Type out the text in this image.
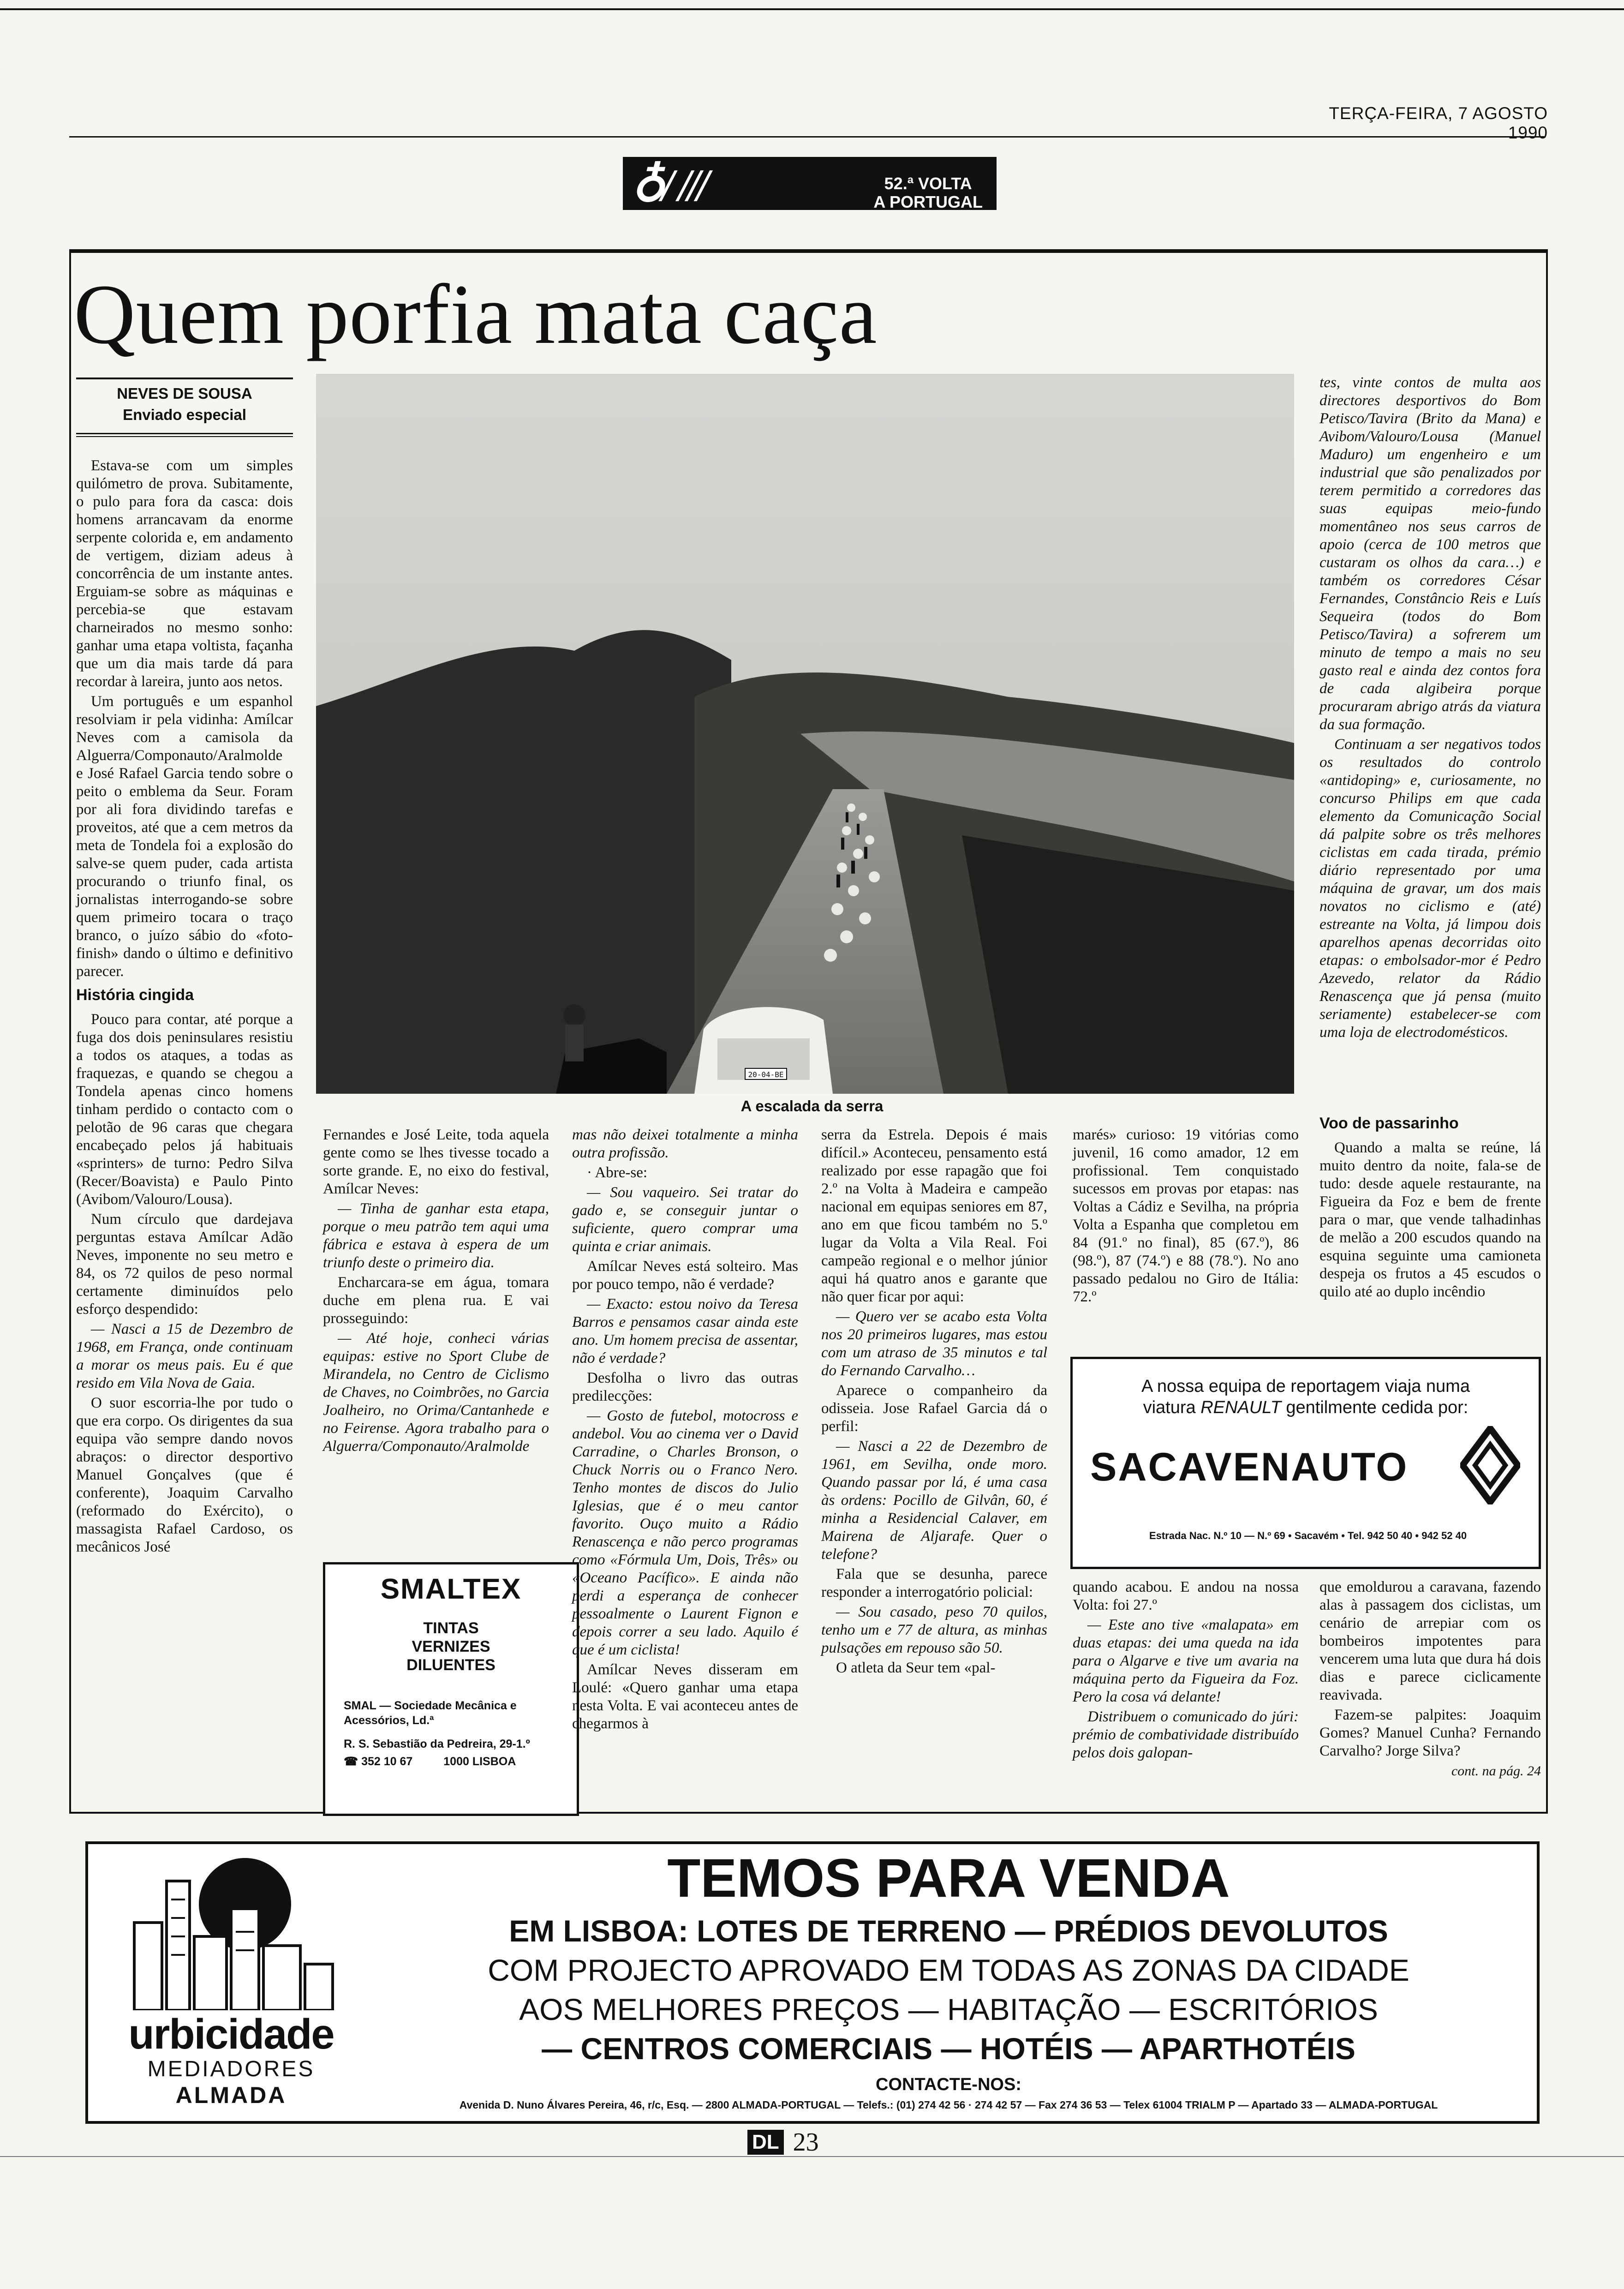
TERÇA-FEIRA, 7 AGOSTO 1990
♁/ ///	52.ª VOLTA
A PORTUGAL
Quem porfia mata caça
NEVES DE SOUSA
Enviado especial

Estava-se com um simples quilómetro de prova. Subitamente, o pulo para fora da casca: dois homens arrancavam da enorme serpente colorida e, em andamento de vertigem, diziam adeus à concorrência de um instante antes. Erguiam-se sobre as máquinas e percebia-se que estavam charneirados no mesmo sonho: ganhar uma etapa voltista, façanha que um dia mais tarde dá para recordar à lareira, junto aos netos.

Um português e um espanhol resolviam ir pela vidinha: Amílcar Neves com a camisola da Alguerra/Componauto/Aralmolde e José Rafael Garcia tendo sobre o peito o emblema da Seur. Foram por ali fora dividindo tarefas e proveitos, até que a cem metros da meta de Tondela foi a explosão do salve-se quem puder, cada artista procurando o triunfo final, os jornalistas interrogando-se sobre quem primeiro tocara o traço branco, o juízo sábio do «foto-finish» dando o último e definitivo parecer.

História cingida

Pouco para contar, até porque a fuga dos dois peninsulares resistiu a todos os ataques, a todas as fraquezas, e quando se chegou a Tondela apenas cinco homens tinham perdido o contacto com o pelotão de 96 caras que chegara encabeçado pelos já habituais «sprinters» de turno: Pedro Silva (Recer/Boavista) e Paulo Pinto (Avibom/Valouro/Lousa).

Num círculo que dardejava perguntas estava Amílcar Adão Neves, imponente no seu metro e 84, os 72 quilos de peso normal certamente diminuídos pelo esforço despendido:

— Nasci a 15 de Dezembro de 1968, em França, onde continuam a morar os meus pais. Eu é que resido em Vila Nova de Gaia.

O suor escorria-lhe por tudo o que era corpo. Os dirigentes da sua equipa vão sempre dando novos abraços: o director desportivo Manuel Gonçalves (que é conferente), Joaquim Carvalho (reformado do Exército), o massagista Rafael Cardoso, os mecânicos José

20-04-BE
A escalada da serra

Fernandes e José Leite, toda aquela gente como se lhes tivesse tocado a sorte grande. E, no eixo do festival, Amílcar Neves:

— Tinha de ganhar esta etapa, porque o meu patrão tem aqui uma fábrica e estava à espera de um triunfo deste o primeiro dia.

Encharcara-se em água, tomara duche em plena rua. E vai prosseguindo:

— Até hoje, conheci várias equipas: estive no Sport Clube de Mirandela, no Centro de Ciclismo de Chaves, no Coimbrões, no Garcia Joalheiro, no Orima/Cantanhede e no Feirense. Agora trabalho para o Alguerra/Componauto/Aralmolde

SMALTEX
TINTAS
VERNIZES
DILUENTES
SMAL — Sociedade Mecânica e Acessórios, Ld.ª
R. S. Sebastião da Pedreira, 29-1.º
☎ 352 10 67	1000 LISBOA

mas não deixei totalmente a minha outra profissão.

· Abre-se:

— Sou vaqueiro. Sei tratar do gado e, se conseguir juntar o suficiente, quero comprar uma quinta e criar animais.

Amílcar Neves está solteiro. Mas por pouco tempo, não é verdade?

— Exacto: estou noivo da Teresa Barros e pensamos casar ainda este ano. Um homem precisa de assentar, não é verdade?

Desfolha o livro das outras predilecções:

— Gosto de futebol, motocross e andebol. Vou ao cinema ver o David Carradine, o Charles Bronson, o Chuck Norris ou o Franco Nero. Tenho montes de discos do Julio Iglesias, que é o meu cantor favorito. Ouço muito a Rádio Renascença e não perco programas como «Fórmula Um, Dois, Três» ou «Oceano Pacífico». E ainda não perdi a esperança de conhecer pessoalmente o Laurent Fignon e depois correr a seu lado. Aquilo é que é um ciclista!

Amílcar Neves disseram em Loulé: «Quero ganhar uma etapa nesta Volta. E vai aconteceu antes de chegarmos à

serra da Estrela. Depois é mais difícil.» Aconteceu, pensamento está realizado por esse rapagão que foi 2.º na Volta à Madeira e campeão nacional em equipas seniores em 87, ano em que ficou também no 5.º lugar da Volta a Vila Real. Foi campeão regional e o melhor júnior aqui há quatro anos e garante que não quer ficar por aqui:

— Quero ver se acabo esta Volta nos 20 primeiros lugares, mas estou com um atraso de 35 minutos e tal do Fernando Carvalho…

Aparece o companheiro da odisseia. Jose Rafael Garcia dá o perfil:

— Nasci a 22 de Dezembro de 1961, em Sevilha, onde moro. Quando passar por lá, é uma casa às ordens: Pocillo de Gilvân, 60, é minha a Residencial Calaver, em Mairena de Aljarafe. Quer o telefone?

Fala que se desunha, parece responder a interrogatório policial:

— Sou casado, peso 70 quilos, tenho um e 77 de altura, as minhas pulsações em repouso são 50.

O atleta da Seur tem «pal-

marés» curioso: 19 vitórias como juvenil, 16 como amador, 12 em profissional. Tem conquistado sucessos em provas por etapas: nas Voltas a Cádiz e Sevilha, na própria Volta a Espanha que completou em 84 (91.º no final), 85 (67.º), 86 (98.º), 87 (74.º) e 88 (78.º). No ano passado pedalou no Giro de Itália: 72.º

quando acabou. E andou na nossa Volta: foi 27.º

— Este ano tive «malapata» em duas etapas: dei uma queda na ida para o Algarve e tive um avaria na máquina perto da Figueira da Foz. Pero la cosa vá delante!

Distribuem o comunicado do júri: prémio de combatividade distribuído pelos dois galopan-

tes, vinte contos de multa aos directores desportivos do Bom Petisco/Tavira (Brito da Mana) e Avibom/Valouro/Lousa (Manuel Maduro) um engenheiro e um industrial que são penalizados por terem permitido a corredores das suas equipas meio-fundo momentâneo nos seus carros de apoio (cerca de 100 metros que custaram os olhos da cara…) e também os corredores César Fernandes, Constâncio Reis e Luís Sequeira (todos do Bom Petisco/Tavira) a sofrerem um minuto de tempo a mais no seu gasto real e ainda dez contos fora de cada algibeira porque procuraram abrigo atrás da viatura da sua formação.

Continuam a ser negativos todos os resultados do controlo «antidoping» e, curiosamente, no concurso Philips em que cada elemento da Comunicação Social dá palpite sobre os três melhores ciclistas em cada tirada, prémio diário representado por uma máquina de gravar, um dos mais novatos no ciclismo e (até) estreante na Volta, já limpou dois aparelhos apenas decorridas oito etapas: o embolsador-mor é Pedro Azevedo, relator da Rádio Renascença que já pensa (muito seriamente) estabelecer-se com uma loja de electrodomésticos.

Voo de passarinho

Quando a malta se reúne, lá muito dentro da noite, fala-se de tudo: desde aquele restaurante, na Figueira da Foz e bem de frente para o mar, que vende talhadinhas de melão a 200 escudos quando na esquina seguinte uma camioneta despeja os frutos a 45 escudos o quilo até ao duplo incêndio

que emoldurou a caravana, fazendo alas à passagem dos ciclistas, um cenário de arrepiar com os bombeiros impotentes para vencerem uma luta que dura há dois dias e parece ciclicamente reavivada.

Fazem-se palpites: Joaquim Gomes? Manuel Cunha? Fernando Carvalho? Jorge Silva?

cont. na pág. 24
A nossa equipa de reportagem viaja numa
viatura RENAULT gentilmente cedida por:
SACAVENAUTO
Estrada Nac. N.º 10 — N.º 69 • Sacavém • Tel. 942 50 40 • 942 52 40
urbicidade
MEDIADORES
ALMADA
TEMOS PARA VENDA
EM LISBOA: LOTES DE TERRENO — PRÉDIOS DEVOLUTOS
COM PROJECTO APROVADO EM TODAS AS ZONAS DA CIDADE
AOS MELHORES PREÇOS — HABITAÇÃO — ESCRITÓRIOS
— CENTROS COMERCIAIS — HOTÉIS — APARTHOTÉIS
CONTACTE-NOS:
Avenida D. Nuno Álvares Pereira, 46, r/c, Esq. — 2800 ALMADA-PORTUGAL — Telefs.: (01) 274 42 56 · 274 42 57 — Fax 274 36 53 — Telex 61004 TRIALM P — Apartado 33 — ALMADA-PORTUGAL
DL 23
